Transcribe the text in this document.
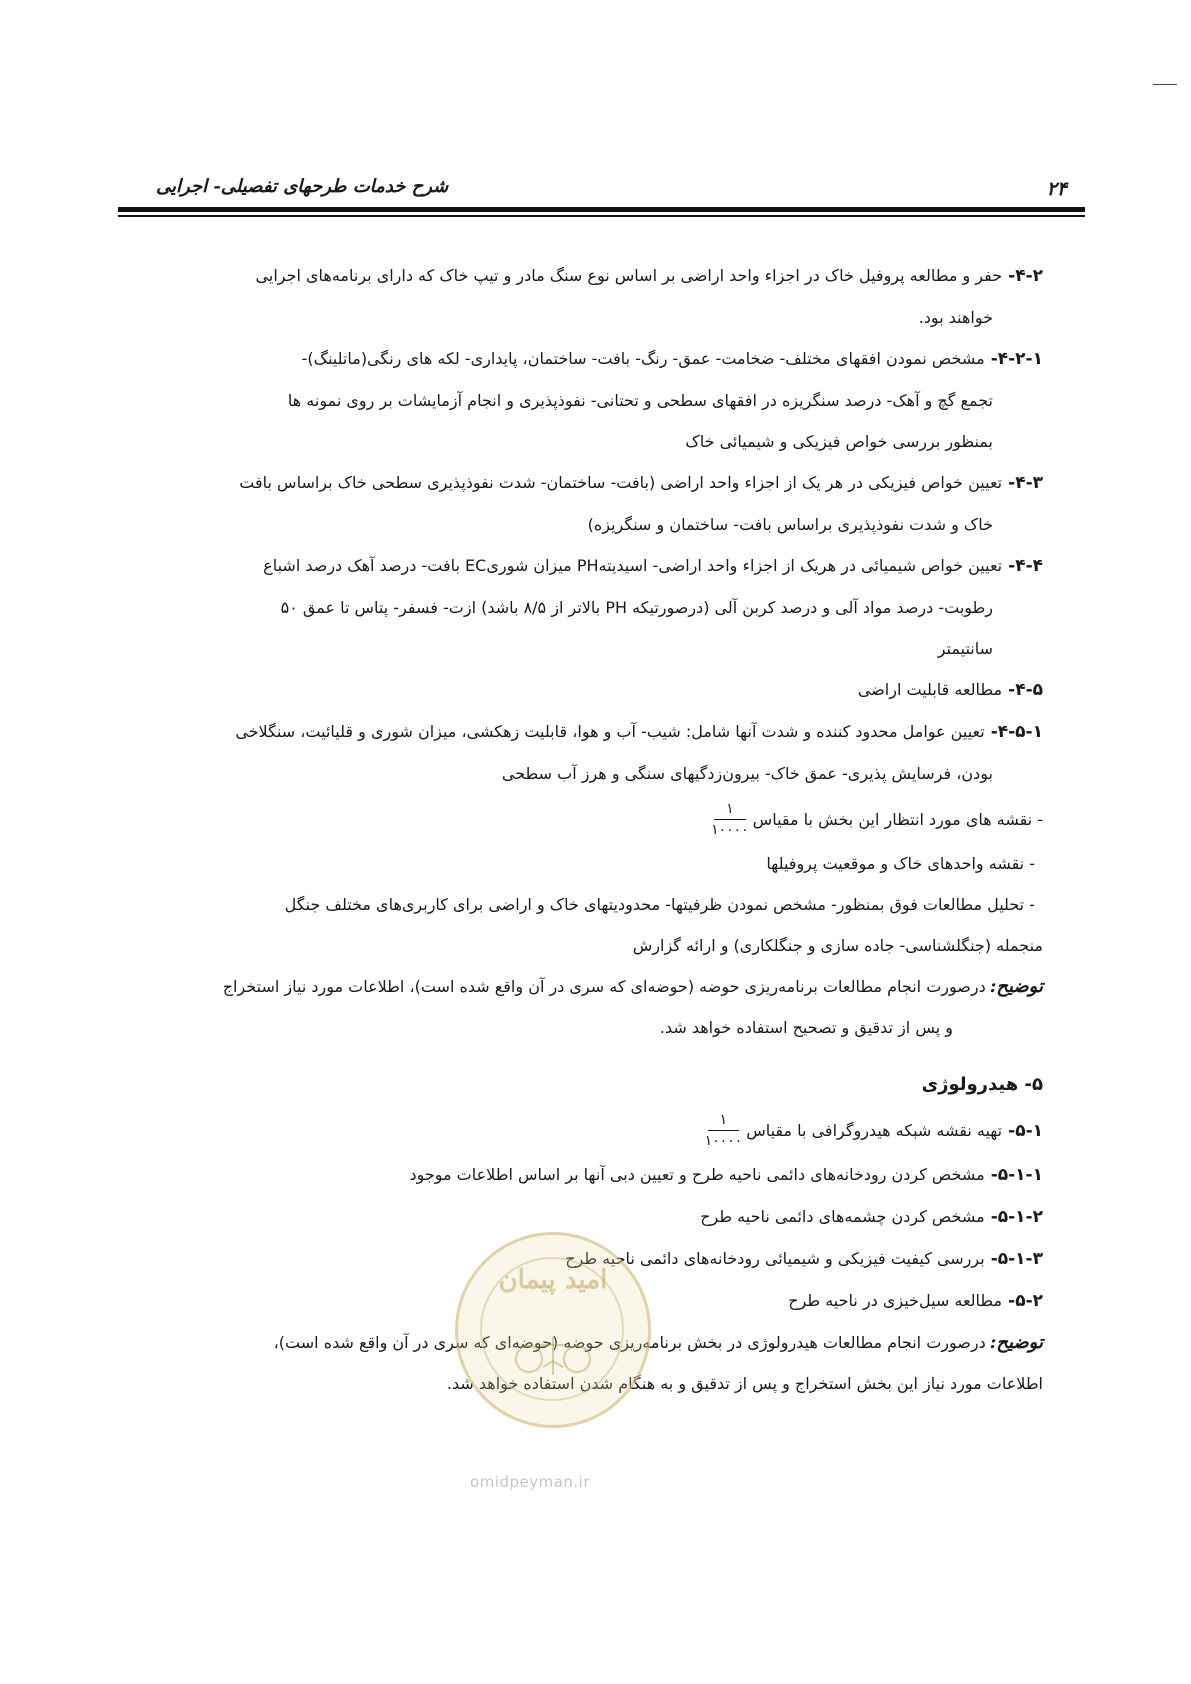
۲۴
شرح خدمات طرحهای تفصیلی- اجرایی

۴-۲-حفر و مطالعه پروفیل خاک در اجزاء واحد اراضی بر اساس نوع سنگ مادر و تیپ خاک که دارای برنامه‌های اجرایی
خواهند بود.

۴-۲-۱-مشخص نمودن افقهای مختلف- ضخامت- عمق- رنگ- بافت- ساختمان، پایداری- لکه های رنگی(ماتلینگ)-
تجمع گچ و آهک- درصد سنگریزه در افقهای سطحی و تحتانی- نفوذپذیری و انجام آزمایشات بر روی نمونه ها
بمنظور بررسی خواص فیزیکی و شیمیائی خاک

۴-۳-تعیین خواص فیزیکی در هر یک از اجزاء واحد اراضی (بافت- ساختمان- شدت نفوذپذیری سطحی خاک براساس بافت
خاک و شدت نفوذپذیری براساس بافت- ساختمان و سنگریزه)

۴-۴-تعیین خواص شیمیائی در هریک از اجزاء واحد اراضی- اسیدیتهPH میزان شوریEC بافت- درصد آهک درصد اشباع
رطوبت- درصد مواد آلی و درصد کربن آلی (درصورتیکه PH بالاتر از ۸/۵ باشد) ازت- فسفر- پتاس تا عمق ۵۰
سانتیمتر

۴-۵-مطالعه قابلیت اراضی

۴-۵-۱-تعیین عوامل محدود کننده و شدت آنها شامل: شیب- آب و هوا، قابلیت زهکشی، میزان شوری و قلیائیت، سنگلاخی
بودن، فرسایش پذیری- عمق خاک- بیرون‌زدگیهای سنگی و هرز آب سطحی

- نقشه های مورد انتظار این بخش با مقیاس
$\frac{۱}{۱۰۰۰۰}$

- نقشه واحدهای خاک و موقعیت پروفیلها

- تحلیل مطالعات فوق بمنظور- مشخص نمودن ظرفیتها- محدودیتهای خاک و اراضی برای کاربری‌های مختلف جنگل

منجمله (جنگلشناسی- جاده سازی و جنگلکاری) و ارائه گزارش

توضیح:درصورت انجام مطالعات برنامه‌ریزی حوضه (حوضه‌ای که سری در آن واقع شده است)، اطلاعات مورد نیاز استخراج
و پس از تدقیق و تصحیح استفاده خواهد شد.

۵- هیدرولوژی

۵-۱-
تهیه نقشه شبکه هیدروگرافی با مقیاس
$\frac{۱}{۱۰۰۰۰}$

۵-۱-۱-مشخص کردن رودخانه‌های دائمی ناحیه طرح و تعیین دبی آنها بر اساس اطلاعات موجود

۵-۱-۲-مشخص کردن چشمه‌های دائمی ناحیه طرح

۵-۱-۳-بررسی کیفیت فیزیکی و شیمیائی رودخانه‌های دائمی ناحیه طرح

۵-۲-مطالعه سیل‌خیزی در ناحیه طرح

توضیح:درصورت انجام مطالعات هیدرولوژی در بخش برنامه‌ریزی حوضه (حوضه‌ای که سری در آن واقع شده است)،
اطلاعات مورد نیاز این بخش استخراج و پس از تدقیق و به هنگام شدن استفاده خواهد شد.

امید پیمان
omidpeyman.ir
